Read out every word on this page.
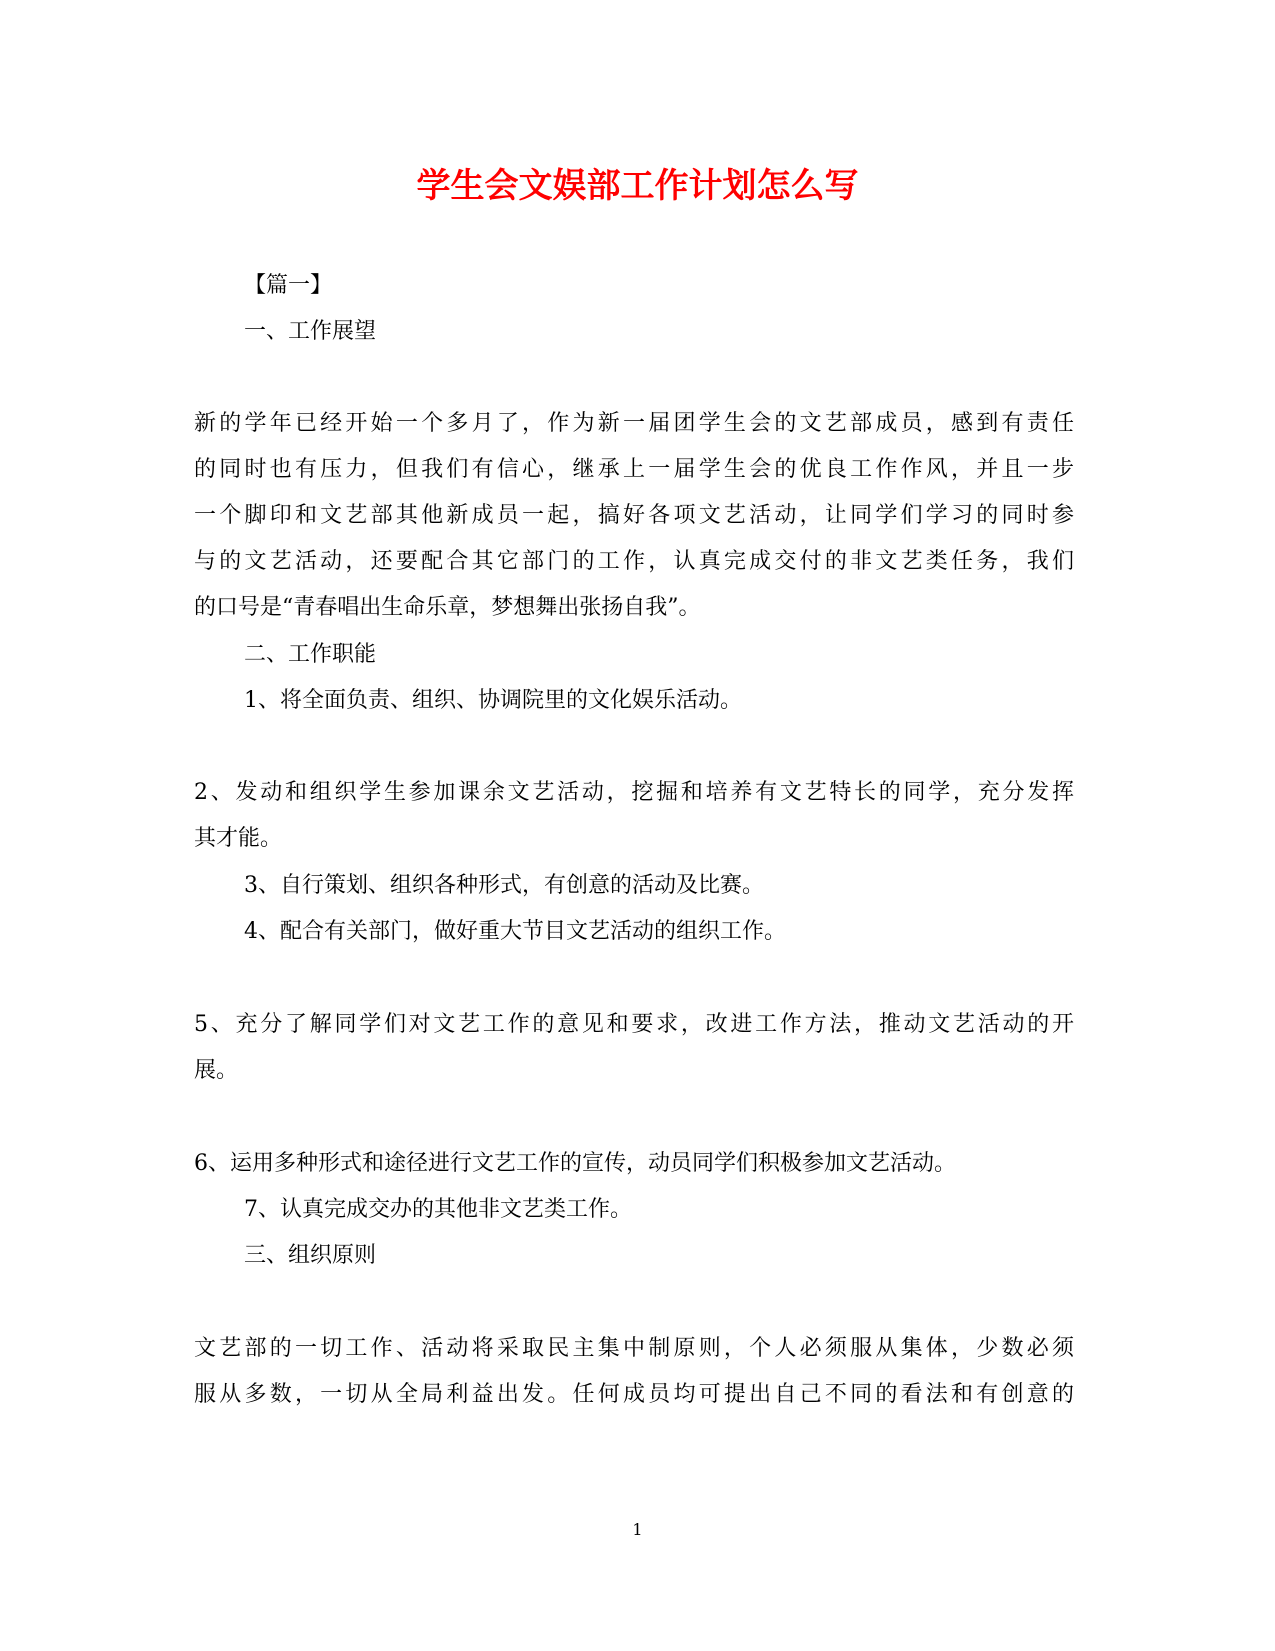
学生会文娱部工作计划怎么写
【篇一】
一、工作展望
新的学年已经开始一个多月了，作为新一届团学生会的文艺部成员，感到有责任
的同时也有压力，但我们有信心，继承上一届学生会的优良工作作风，并且一步
一个脚印和文艺部其他新成员一起，搞好各项文艺活动，让同学们学习的同时参
与的文艺活动，还要配合其它部门的工作，认真完成交付的非文艺类任务，我们
的口号是“青春唱出生命乐章，梦想舞出张扬自我”。
二、工作职能
1、将全面负责、组织、协调院里的文化娱乐活动。
2、发动和组织学生参加课余文艺活动，挖掘和培养有文艺特长的同学，充分发挥
其才能。
3、自行策划、组织各种形式，有创意的活动及比赛。
4、配合有关部门，做好重大节目文艺活动的组织工作。
5、充分了解同学们对文艺工作的意见和要求，改进工作方法，推动文艺活动的开
展。
6、运用多种形式和途径进行文艺工作的宣传，动员同学们积极参加文艺活动。
7、认真完成交办的其他非文艺类工作。
三、组织原则
文艺部的一切工作、活动将采取民主集中制原则，个人必须服从集体，少数必须
服从多数，一切从全局利益出发。任何成员均可提出自己不同的看法和有创意的
1
